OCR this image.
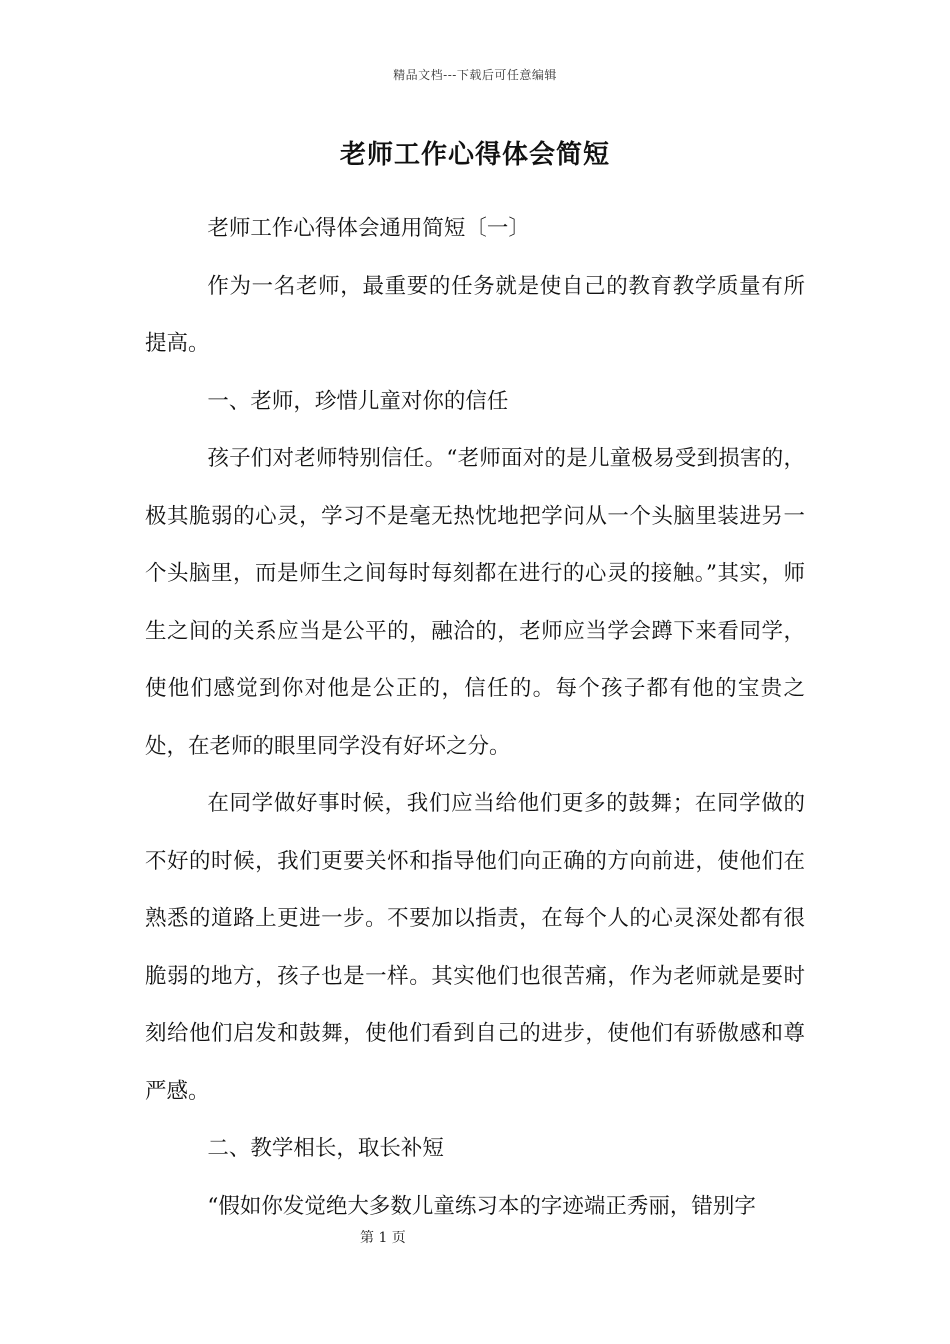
精品文档---下载后可任意编辑
老师工作心得体会简短

老师工作心得体会通用简短〔一〕

作为一名老师，最重要的任务就是使自己的教育教学质量有所提高。

一、老师，珍惜儿童对你的信任

孩子们对老师特别信任。“老师面对的是儿童极易受到损害的，极其脆弱的心灵，学习不是毫无热忱地把学问从一个头脑里装进另一个头脑里，而是师生之间每时每刻都在进行的心灵的接触。”其实，师生之间的关系应当是公平的，融洽的，老师应当学会蹲下来看同学，使他们感觉到你对他是公正的，信任的。每个孩子都有他的宝贵之处，在老师的眼里同学没有好坏之分。

在同学做好事时候，我们应当给他们更多的鼓舞；在同学做的不好的时候，我们更要关怀和指导他们向正确的方向前进，使他们在熟悉的道路上更进一步。不要加以指责，在每个人的心灵深处都有很脆弱的地方，孩子也是一样。其实他们也很苦痛，作为老师就是要时刻给他们启发和鼓舞，使他们看到自己的进步，使他们有骄傲感和尊严感。

二、教学相长，取长补短

“假如你发觉绝大多数儿童练习本的字迹端正秀丽，错别字

第 1 页
